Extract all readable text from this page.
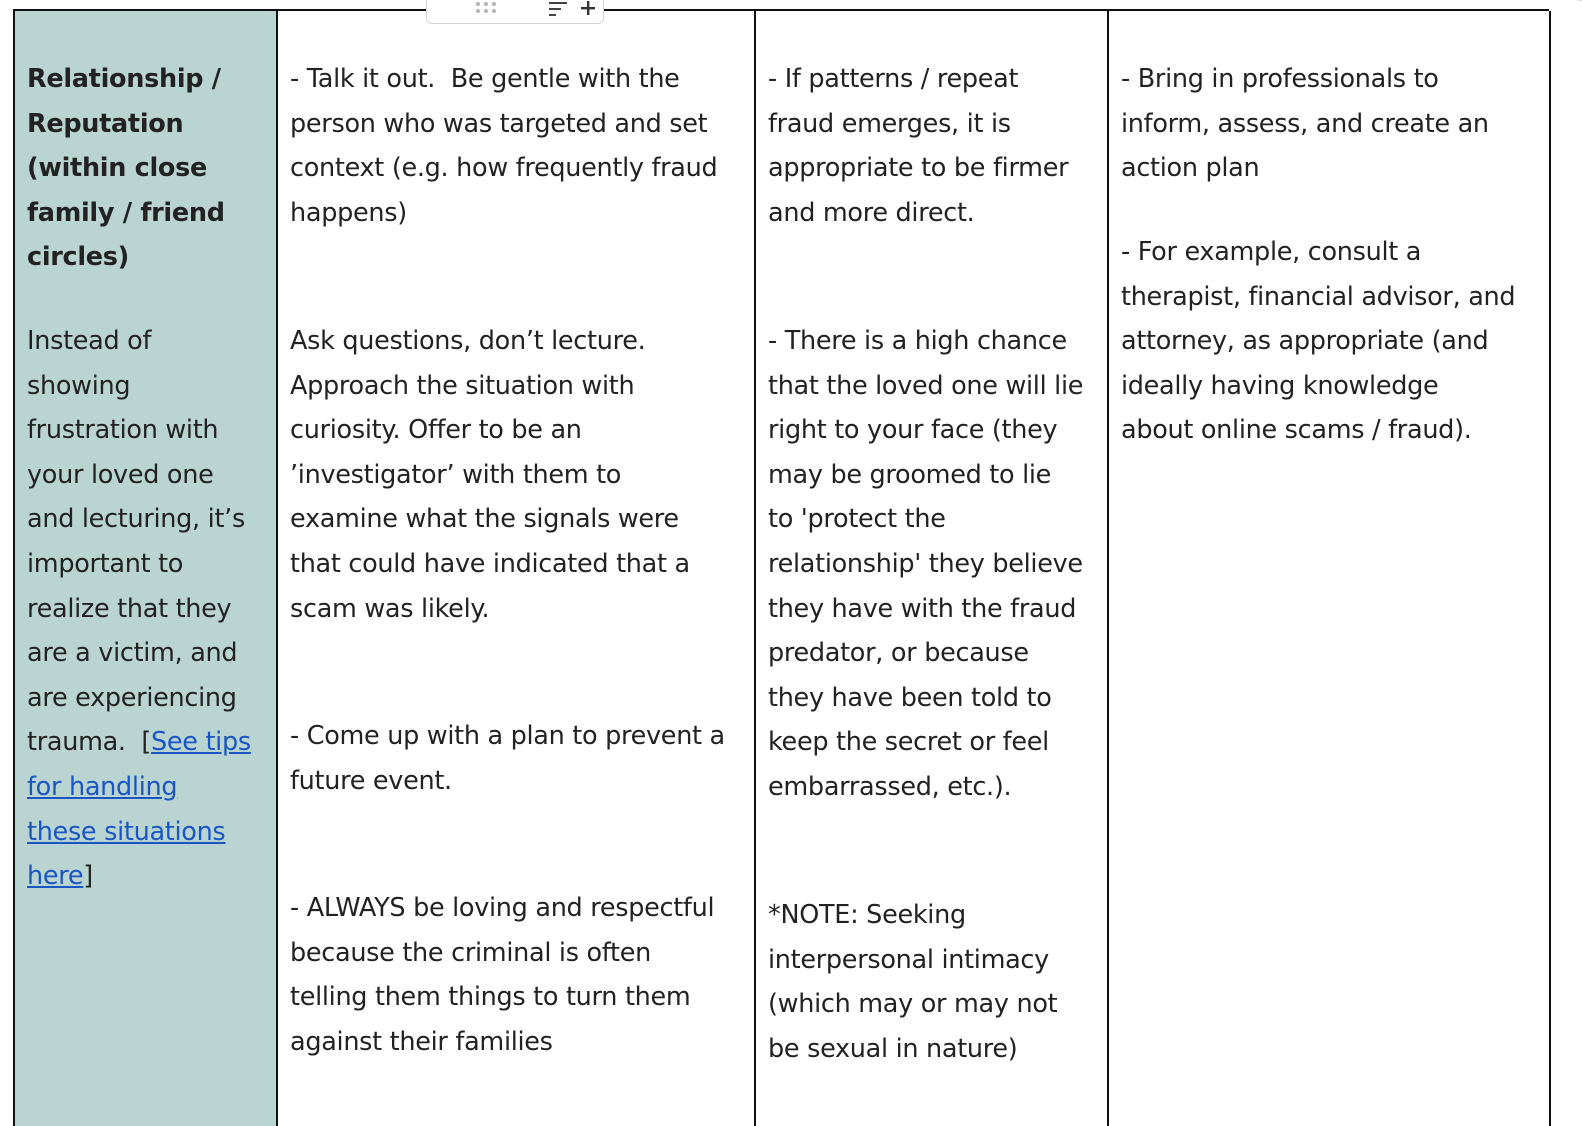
Relationship /
Reputation
(within close
family / friend
circles)
Instead of
showing
frustration with
your loved one
and lecturing, it’s
important to
realize that they
are a victim, and
are experiencing
trauma.  [See tips
for handling
these situations
here]
- Talk it out.  Be gentle with the
person who was targeted and set
context (e.g. how frequently fraud
happens)
Ask questions, don’t lecture.
Approach the situation with
curiosity. Offer to be an
’investigator’ with them to
examine what the signals were
that could have indicated that a
scam was likely.
- Come up with a plan to prevent a
future event.
- ALWAYS be loving and respectful
because the criminal is often
telling them things to turn them
against their families
- If patterns / repeat
fraud emerges, it is
appropriate to be firmer
and more direct.
- There is a high chance
that the loved one will lie
right to your face (they
may be groomed to lie
to 'protect the
relationship' they believe
they have with the fraud
predator, or because
they have been told to
keep the secret or feel
embarrassed, etc.).
*NOTE: Seeking
interpersonal intimacy
(which may or may not
be sexual in nature)
- Bring in professionals to
inform, assess, and create an
action plan
- For example, consult a
therapist, financial advisor, and
attorney, as appropriate (and
ideally having knowledge
about online scams / fraud).
